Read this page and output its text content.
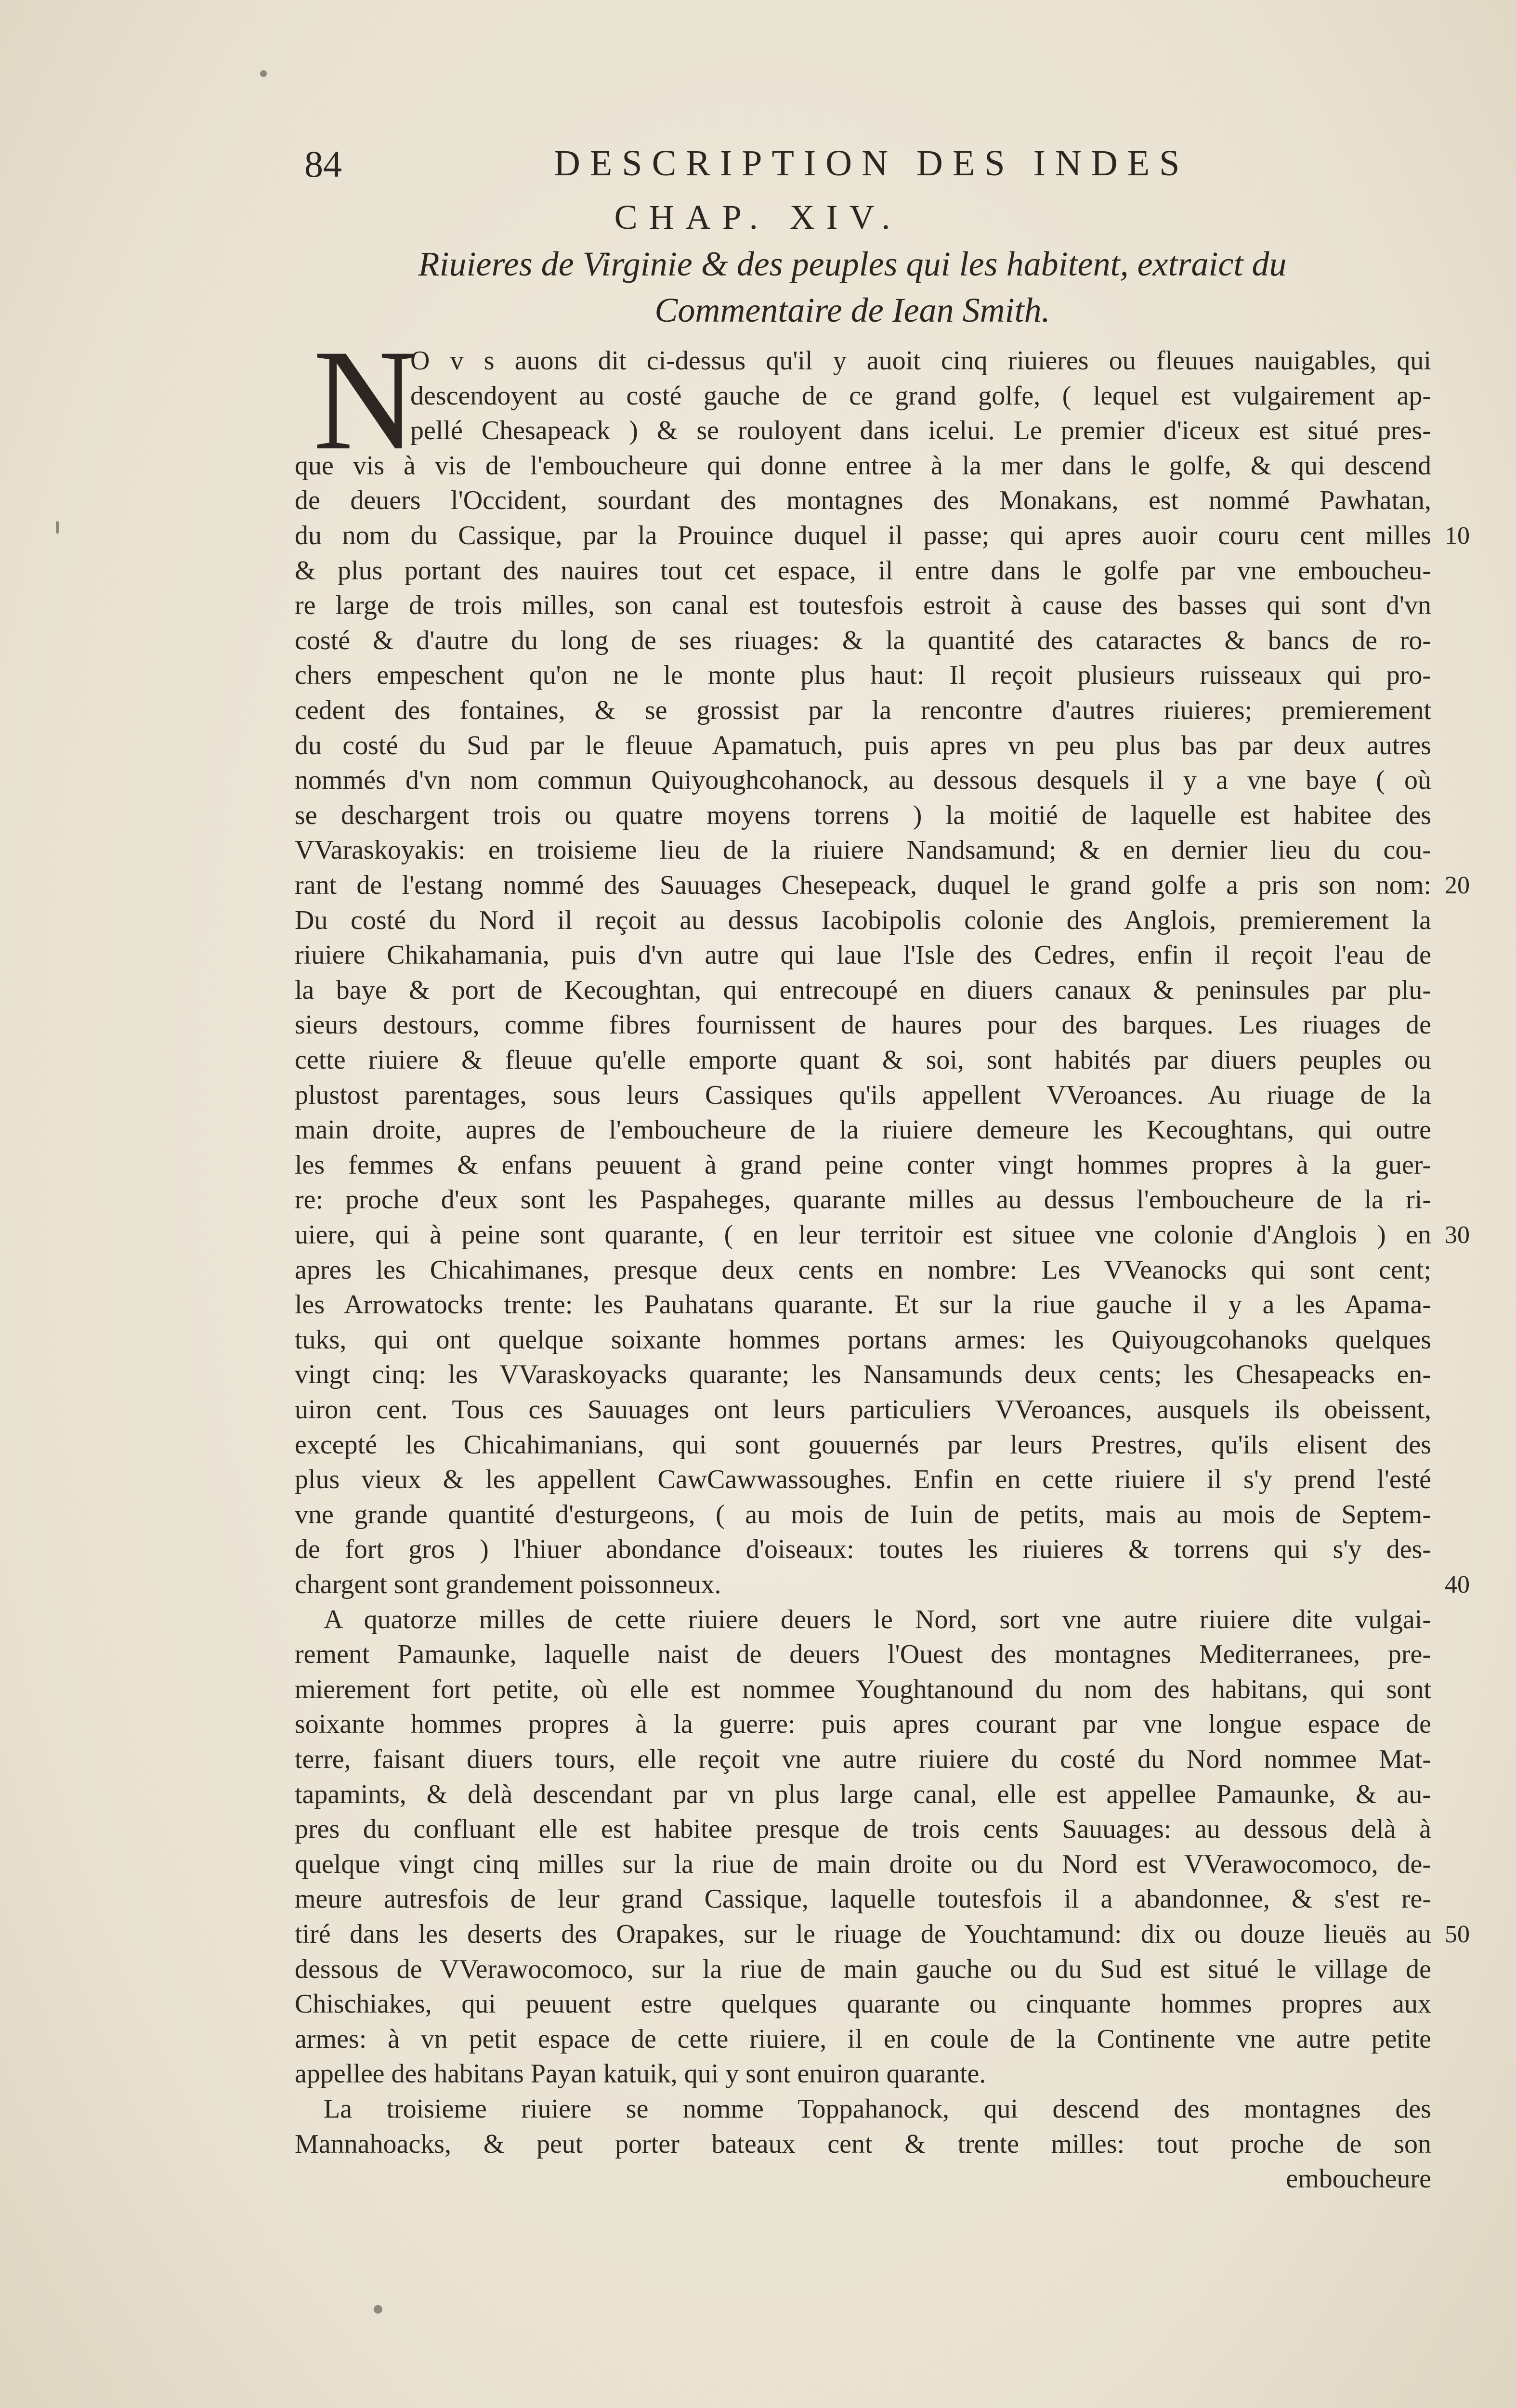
84	DESCRIPTION DES INDES
CHAP. XIV.
Riuieres de Virginie & des peuples qui les habitent, extraict du
Commentaire de Iean Smith.
N
O v s auons dit ci-dessus qu'il y auoit cinq riuieres ou fleuues nauigables, qui
descendoyent au costé gauche de ce grand golfe, ( lequel est vulgairement ap-
pellé Chesapeack ) & se rouloyent dans icelui. Le premier d'iceux est situé pres-
que vis à vis de l'embouchеure qui donne entree à la mer dans le golfe, & qui descend
de deuers l'Occident, sourdant des montagnes des Monakans, est nommé Pawhatan,
du nom du Cassique, par la Prouince duquel il passe; qui apres auoir couru cent milles
& plus portant des nauires tout cet espace, il entre dans le golfe par vne embouchеu-
re large de trois milles, son canal est toutesfois estroit à cause des basses qui sont d'vn
costé & d'autre du long de ses riuages: & la quantité des cataractes & bancs de ro-
chers empeschent qu'on ne le monte plus haut: Il reçoit plusieurs ruisseaux qui pro-
cedent des fontaines, & se grossist par la rencontre d'autres riuieres; premierement
du costé du Sud par le fleuue Apamatuch, puis apres vn peu plus bas par deux autres
nommés d'vn nom commun Quiyoughcohanock, au dessous desquels il y a vne baye ( où
se deschargent trois ou quatre moyens torrens ) la moitié de laquelle est habitee des
VVaraskoyakis: en troisieme lieu de la riuiere Nandsamund; & en dernier lieu du cou-
rant de l'estang nommé des Sauuages Chesepeack, duquel le grand golfe a pris son nom:
Du costé du Nord il reçoit au dessus Iacobipolis colonie des Anglois, premierement la
riuiere Chikahamania, puis d'vn autre qui laue l'Isle des Cedres, enfin il reçoit l'eau de
la baye & port de Kecoughtan, qui entrecoupé en diuers canaux & peninsules par plu-
sieurs destours, comme fibres fournissent de haures pour des barques. Les riuages de
cette riuiere & fleuue qu'elle emporte quant & soi, sont habités par diuers peuples ou
plustost parentages, sous leurs Cassiques qu'ils appellent VVeroances. Au riuage de la
main droite, aupres de l'embouchеure de la riuiere demeure les Kecoughtans, qui outre
les femmes & enfans peuuent à grand peine conter vingt hommes propres à la guer-
re: proche d'eux sont les Paspaheges, quarante milles au dessus l'embouchеure de la ri-
uiere, qui à peine sont quarante, ( en leur territoir est situee vne colonie d'Anglois ) en
apres les Chicahimanes, presque deux cents en nombre: Les VVeanocks qui sont cent;
les Arrowatocks trente: les Pauhatans quarante. Et sur la riue gauche il y a les Apama-
tuks, qui ont quelque soixante hommes portans armes: les Quiyougcohanoks quelques
vingt cinq: les VVaraskoyacks quarante; les Nansamunds deux cents; les Chesapeacks en-
uiron cent. Tous ces Sauuages ont leurs particuliers VVeroances, ausquels ils obeissent,
excepté les Chicahimanians, qui sont gouuernés par leurs Prestres, qu'ils elisent des
plus vieux & les appellent CawCawwassoughes. Enfin en cette riuiere il s'y prend l'esté
vne grande quantité d'esturgeons, ( au mois de Iuin de petits, mais au mois de Septem-
de fort gros ) l'hiuer abondance d'oiseaux: toutes les riuieres & torrens qui s'y des-
chargent sont grandement poissonneux.
A quatorze milles de cette riuiere deuers le Nord, sort vne autre riuiere dite vulgai-
rement Pamaunke, laquelle naist de deuers l'Ouest des montagnes Mediterranees, pre-
mierement fort petite, où elle est nommee Youghtanound du nom des habitans, qui sont
soixante hommes propres à la guerre: puis apres courant par vne longue espace de
terre, faisant diuers tours, elle reçoit vne autre riuiere du costé du Nord nommee Mat-
tapamints, & delà descendant par vn plus large canal, elle est appellee Pamaunke, & au-
pres du confluant elle est habitee presque de trois cents Sauuages: au dessous delà à
quelque vingt cinq milles sur la riue de main droite ou du Nord est VVerawocomoco, de-
meure autresfois de leur grand Cassique, laquelle toutesfois il a abandonnee, & s'est re-
tiré dans les deserts des Orapakes, sur le riuage de Youchtamund: dix ou douze lieuës au
dessous de VVerawocomoco, sur la riue de main gauche ou du Sud est situé le village de
Chischiakes, qui peuuent estre quelques quarante ou cinquante hommes propres aux
armes: à vn petit espace de cette riuiere, il en coule de la Continente vne autre petite
appellee des habitans Payan katuik, qui y sont enuiron quarante.
La troisieme riuiere se nomme Toppahanock, qui descend des montagnes des
Mannahoacks, & peut porter bateaux cent & trente milles: tout proche de son
embouchеure
10
20
30
40
50
